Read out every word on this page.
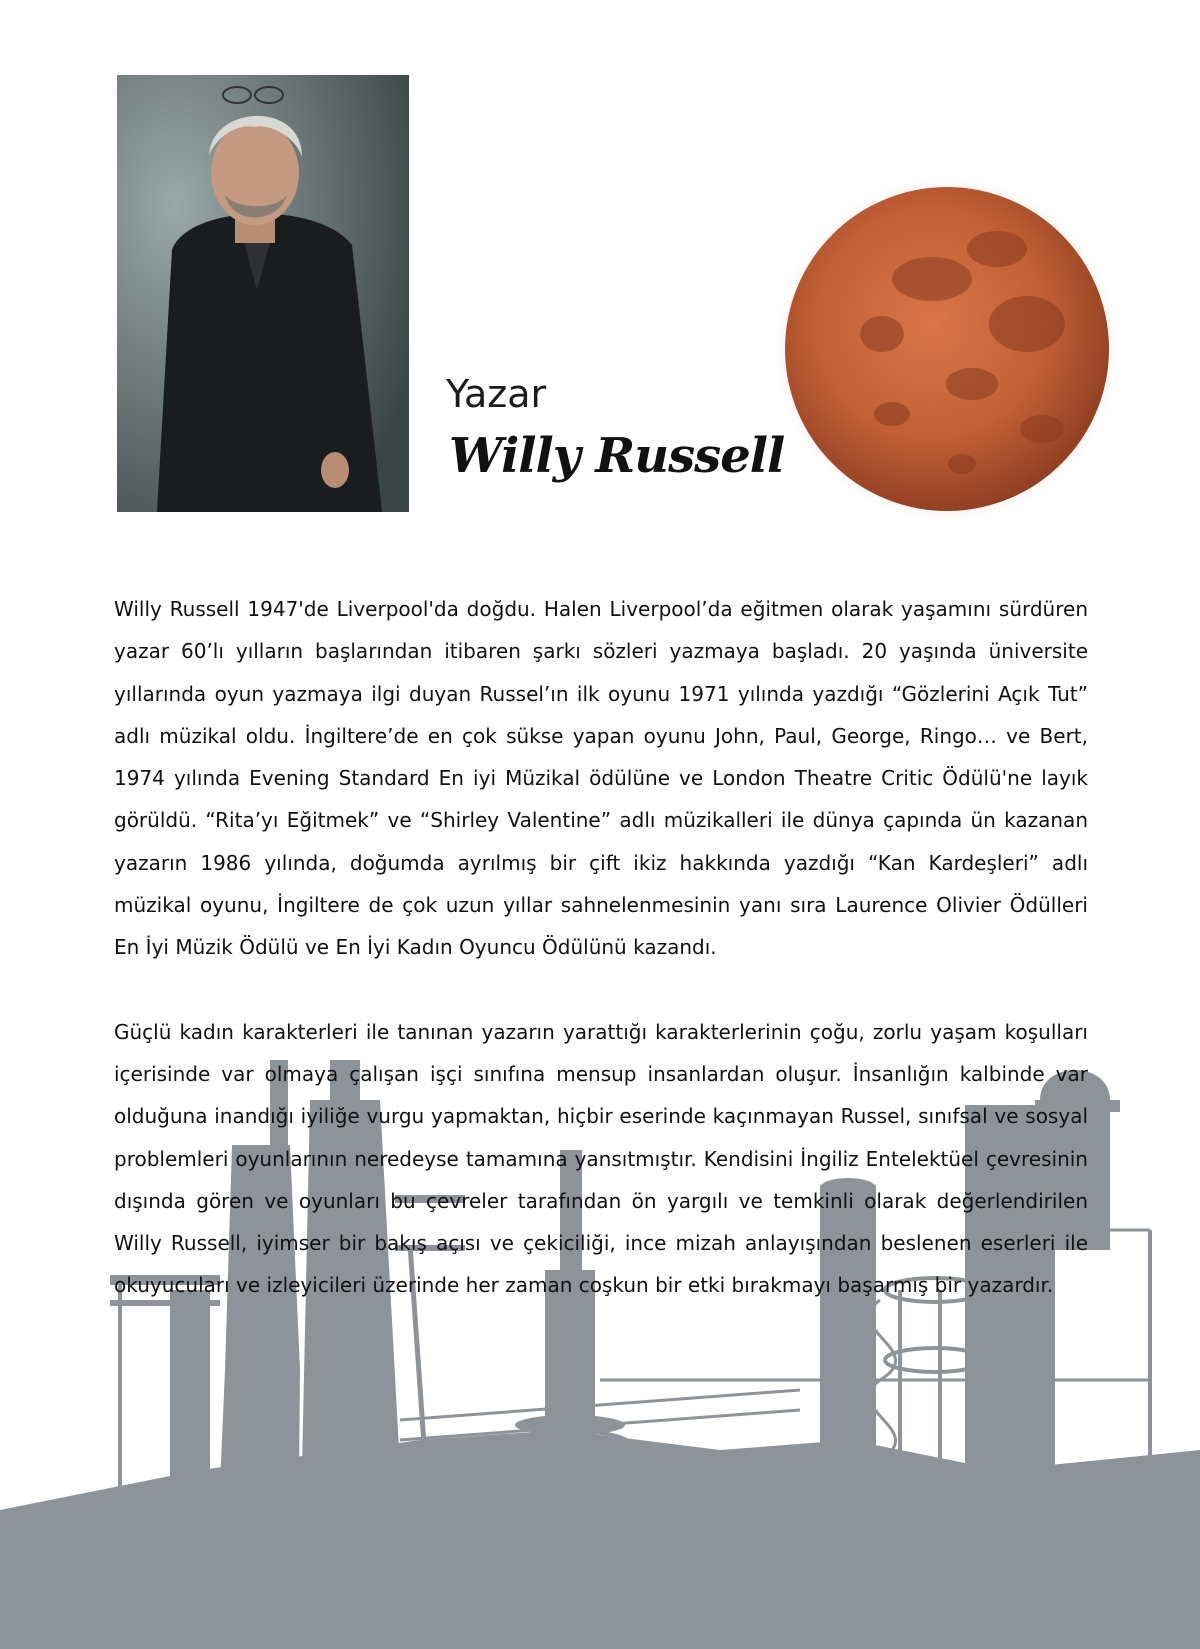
Yazar
Willy Russell

Willy Russell 1947'de Liverpool'da doğdu. Halen Liverpool’da eğitmen olarak yaşamını sürdüren yazar 60’lı yılların başlarından itibaren şarkı sözleri yazmaya başladı. 20 yaşında üniversite yıllarında oyun yazmaya ilgi duyan Russel’ın ilk oyunu 1971 yılında yazdığı “Gözlerini Açık Tut” adlı müzikal oldu. İngiltere’de en çok sükse yapan oyunu John, Paul, George, Ringo… ve Bert, 1974 yılında Evening Standard En iyi Müzikal ödülüne ve London Theatre Critic Ödülü'ne layık görüldü. “Rita’yı Eğitmek” ve “Shirley Valentine” adlı müzikalleri ile dünya çapında ün kazanan yazarın 1986 yılında, doğumda ayrılmış bir çift ikiz hakkında yazdığı “Kan Kardeşleri” adlı müzikal oyunu, İngiltere de çok uzun yıllar sahnelenmesinin yanı sıra Laurence Olivier Ödülleri En İyi Müzik Ödülü ve En İyi Kadın Oyuncu Ödülünü kazandı.

Güçlü kadın karakterleri ile tanınan yazarın yarattığı karakterlerinin çoğu, zorlu yaşam koşulları içerisinde var olmaya çalışan işçi sınıfına mensup insanlardan oluşur. İnsanlığın kalbinde var olduğuna inandığı iyiliğe vurgu yapmaktan, hiçbir eserinde kaçınmayan Russel, sınıfsal ve sosyal problemleri oyunlarının neredeyse tamamına yansıtmıştır. Kendisini İngiliz Entelektüel çevresinin dışında gören ve oyunları bu çevreler tarafından ön yargılı ve temkinli olarak değerlendirilen Willy Russell, iyimser bir bakış açısı ve çekiciliği, ince mizah anlayışından beslenen eserleri ile okuyucuları ve izleyicileri üzerinde her zaman coşkun bir etki bırakmayı başarmış bir yazardır.
